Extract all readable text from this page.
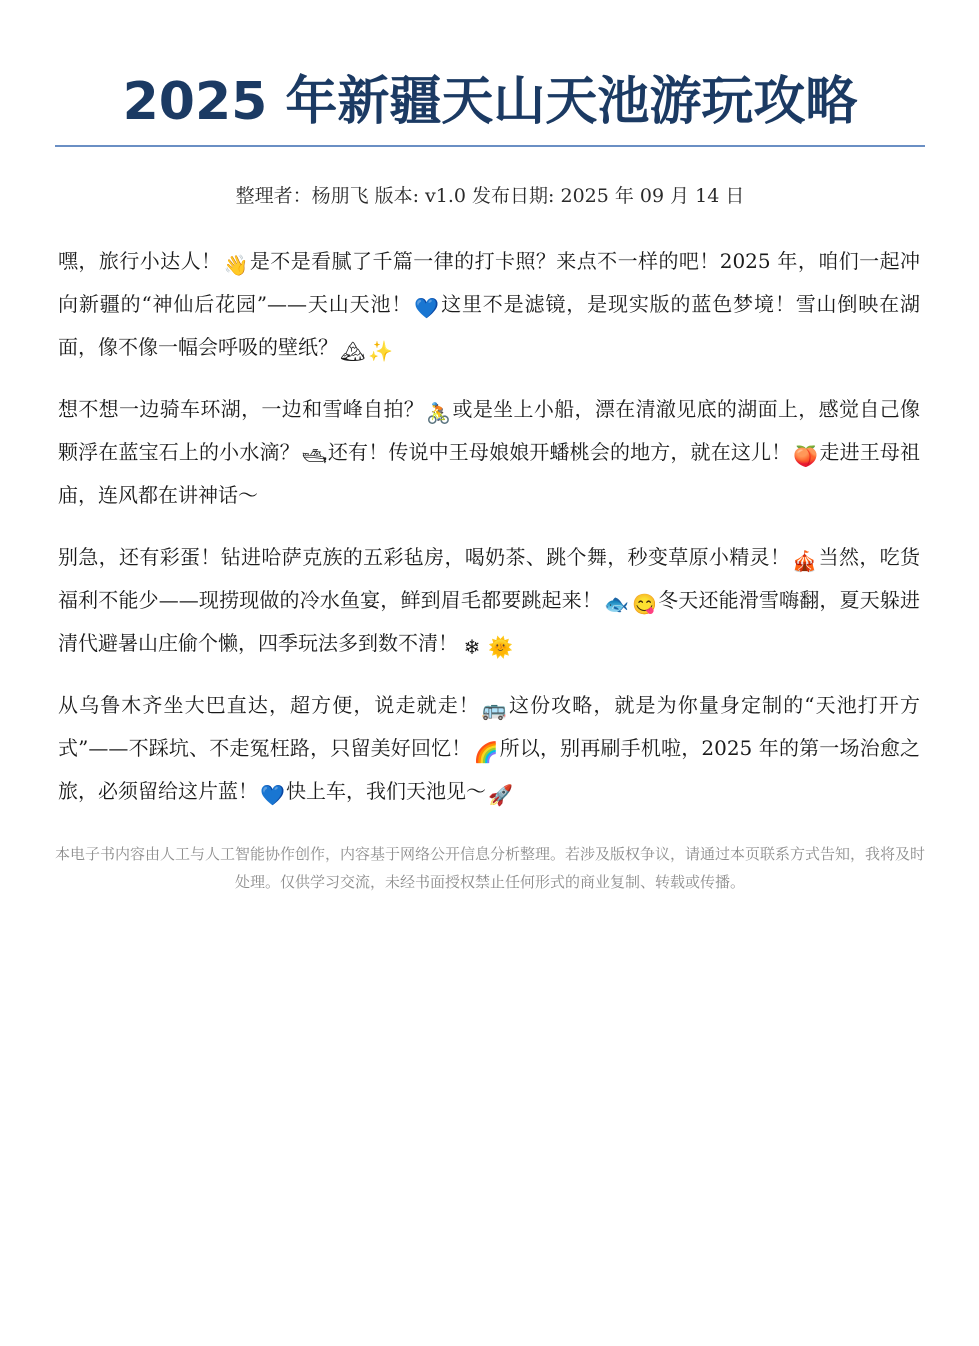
2025 年新疆天山天池游玩攻略
整理者：杨朋飞 版本: v1.0 发布日期: 2025 年 09 月 14 日

嘿，旅行小达人！ 👋是不是看腻了千篇一律的打卡照？来点不一样的吧！2025 年，咱们一起冲向新疆的“神仙后花园”——天山天池！ 💙这里不是滤镜，是现实版的蓝色梦境！雪山倒映在湖面，像不像一幅会呼吸的壁纸？ 🏔 ✨

想不想一边骑车环湖，一边和雪峰自拍？ 🚴或是坐上小船，漂在清澈见底的湖面上，感觉自己像颗浮在蓝宝石上的小水滴？ 🛥还有！传说中王母娘娘开蟠桃会的地方，就在这儿！ 🍑走进王母祖庙，连风都在讲神话～

别急，还有彩蛋！钻进哈萨克族的五彩毡房，喝奶茶、跳个舞，秒变草原小精灵！ 🎪当然，吃货福利不能少——现捞现做的冷水鱼宴，鲜到眉毛都要跳起来！ 🐟 😋冬天还能滑雪嗨翻，夏天躲进清代避暑山庄偷个懒，四季玩法多到数不清！ ❄ 🌞

从乌鲁木齐坐大巴直达，超方便，说走就走！ 🚌这份攻略，就是为你量身定制的“天池打开方式”——不踩坑、不走冤枉路，只留美好回忆！ 🌈所以，别再刷手机啦，2025 年的第一场治愈之旅，必须留给这片蓝！ 💙快上车，我们天池见～ 🚀

本电子书内容由人工与人工智能协作创作，内容基于网络公开信息分析整理。若涉及版权争议，请通过本页联系方式告知，我将及时处理。仅供学习交流，未经书面授权禁止任何形式的商业复制、转载或传播。
